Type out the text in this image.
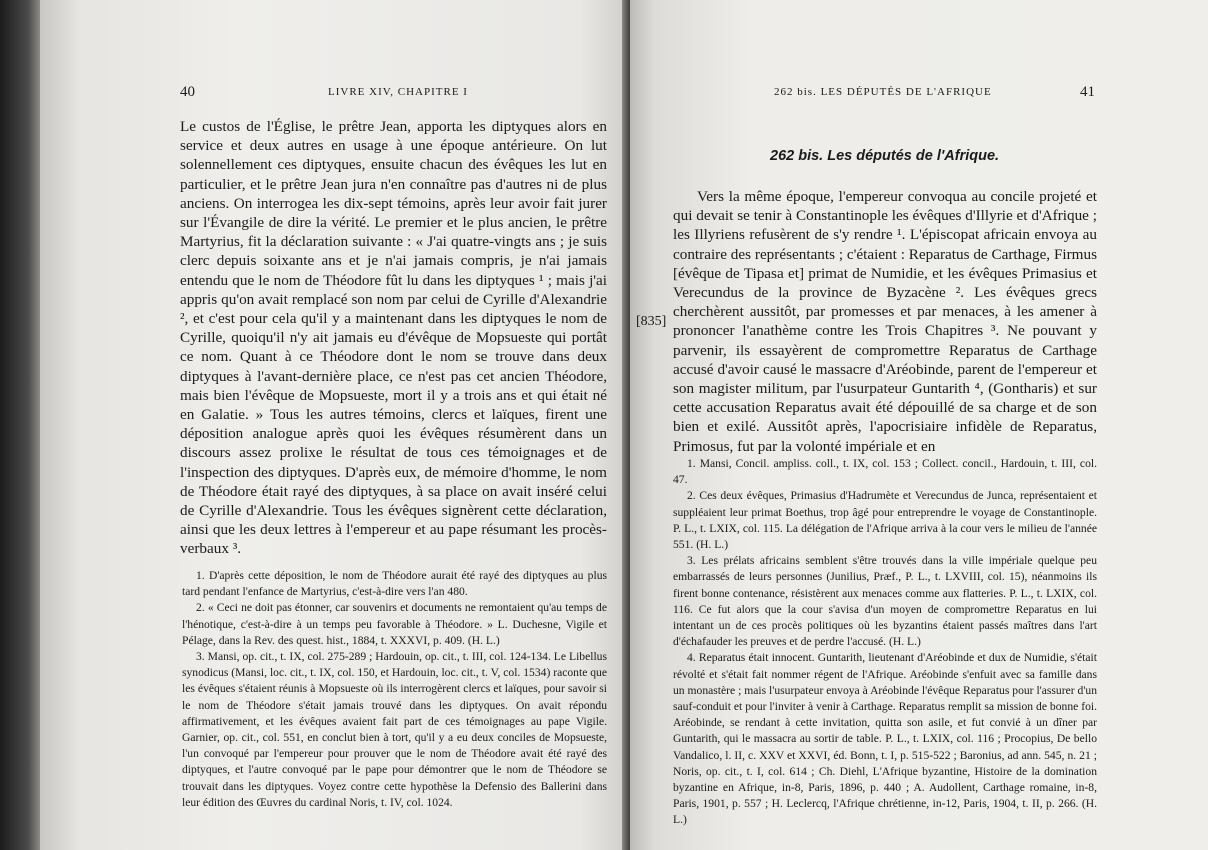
40	LIVRE XIV, CHAPITRE I

Le custos de l'Église, le prêtre Jean, apporta les diptyques alors en service et deux autres en usage à une époque antérieure. On lut solennellement ces diptyques, ensuite chacun des évêques les lut en particulier, et le prêtre Jean jura n'en connaître pas d'autres ni de plus anciens. On interrogea les dix-sept témoins, après leur avoir fait jurer sur l'Évangile de dire la vérité. Le premier et le plus ancien, le prêtre Martyrius, fit la déclaration suivante : « J'ai quatre-vingts ans ; je suis clerc depuis soixante ans et je n'ai jamais compris, je n'ai jamais entendu que le nom de Théodore fût lu dans les diptyques ¹ ; mais j'ai appris qu'on avait remplacé son nom par celui de Cyrille d'Alexandrie ², et c'est pour cela qu'il y a maintenant dans les diptyques le nom de Cyrille, quoiqu'il n'y ait jamais eu d'évêque de Mopsueste qui portât ce nom. Quant à ce Théodore dont le nom se trouve dans deux diptyques à l'avant-dernière place, ce n'est pas cet ancien Théodore, mais bien l'évêque de Mopsueste, mort il y a trois ans et qui était né en Galatie. » Tous les autres témoins, clercs et laïques, firent une déposition analogue après quoi les évêques résumèrent dans un discours assez prolixe le résultat de tous ces témoignages et de l'inspection des diptyques. D'après eux, de mémoire d'homme, le nom de Théodore était rayé des diptyques, à sa place on avait inséré celui de Cyrille d'Alexandrie. Tous les évêques signèrent cette déclaration, ainsi que les deux lettres à l'empereur et au pape résumant les procès-verbaux ³.

1. D'après cette déposition, le nom de Théodore aurait été rayé des diptyques au plus tard pendant l'enfance de Martyrius, c'est-à-dire vers l'an 480.

2. « Ceci ne doit pas étonner, car souvenirs et documents ne remontaient qu'au temps de l'hénotique, c'est-à-dire à un temps peu favorable à Théodore. » L. Duchesne, Vigile et Pélage, dans la Rev. des quest. hist., 1884, t. XXXVI, p. 409. (H. L.)

3. Mansi, op. cit., t. IX, col. 275-289 ; Hardouin, op. cit., t. III, col. 124-134. Le Libellus synodicus (Mansi, loc. cit., t. IX, col. 150, et Hardouin, loc. cit., t. V, col. 1534) raconte que les évêques s'étaient réunis à Mopsueste où ils interrogèrent clercs et laïques, pour savoir si le nom de Théodore s'était jamais trouvé dans les diptyques. On avait répondu affirmativement, et les évêques avaient fait part de ces témoignages au pape Vigile. Garnier, op. cit., col. 551, en conclut bien à tort, qu'il y a eu deux conciles de Mopsueste, l'un convoqué par l'empereur pour prouver que le nom de Théodore avait été rayé des diptyques, et l'autre convoqué par le pape pour démontrer que le nom de Théodore se trouvait dans les diptyques. Voyez contre cette hypothèse la Defensio des Ballerini dans leur édition des Œuvres du cardinal Noris, t. IV, col. 1024.

262 bis. LES DÉPUTÉS DE L'AFRIQUE	41
262 bis. Les députés de l'Afrique.
[835]

Vers la même époque, l'empereur convoqua au concile projeté et qui devait se tenir à Constantinople les évêques d'Illyrie et d'Afrique ; les Illyriens refusèrent de s'y rendre ¹. L'épiscopat africain envoya au contraire des représentants ; c'étaient : Reparatus de Carthage, Firmus [évêque de Tipasa et] primat de Numidie, et les évêques Primasius et Verecundus de la province de Byzacène ². Les évêques grecs cherchèrent aussitôt, par promesses et par menaces, à les amener à prononcer l'anathème contre les Trois Chapitres ³. Ne pouvant y parvenir, ils essayèrent de compromettre Reparatus de Carthage accusé d'avoir causé le massacre d'Aréobinde, parent de l'empereur et son magister militum, par l'usurpateur Guntarith ⁴, (Gontharis) et sur cette accusation Reparatus avait été dépouillé de sa charge et de son bien et exilé. Aussitôt après, l'apocrisiaire infidèle de Reparatus, Primosus, fut par la volonté impériale et en

1. Mansi, Concil. ampliss. coll., t. IX, col. 153 ; Collect. concil., Hardouin, t. III, col. 47.

2. Ces deux évêques, Primasius d'Hadrumète et Verecundus de Junca, représentaient et suppléaient leur primat Boethus, trop âgé pour entreprendre le voyage de Constantinople. P. L., t. LXIX, col. 115. La délégation de l'Afrique arriva à la cour vers le milieu de l'année 551. (H. L.)

3. Les prélats africains semblent s'être trouvés dans la ville impériale quelque peu embarrassés de leurs personnes (Junilius, Præf., P. L., t. LXVIII, col. 15), néanmoins ils firent bonne contenance, résistèrent aux menaces comme aux flatteries. P. L., t. LXIX, col. 116. Ce fut alors que la cour s'avisa d'un moyen de compromettre Reparatus en lui intentant un de ces procès politiques où les byzantins étaient passés maîtres dans l'art d'échafauder les preuves et de perdre l'accusé. (H. L.)

4. Reparatus était innocent. Guntarith, lieutenant d'Aréobinde et dux de Numidie, s'était révolté et s'était fait nommer régent de l'Afrique. Aréobinde s'enfuit avec sa famille dans un monastère ; mais l'usurpateur envoya à Aréobinde l'évêque Reparatus pour l'assurer d'un sauf-conduit et pour l'inviter à venir à Carthage. Reparatus remplit sa mission de bonne foi. Aréobinde, se rendant à cette invitation, quitta son asile, et fut convié à un dîner par Guntarith, qui le massacra au sortir de table. P. L., t. LXIX, col. 116 ; Procopius, De bello Vandalico, l. II, c. XXV et XXVI, éd. Bonn, t. I, p. 515-522 ; Baronius, ad ann. 545, n. 21 ; Noris, op. cit., t. I, col. 614 ; Ch. Diehl, L'Afrique byzantine, Histoire de la domination byzantine en Afrique, in-8, Paris, 1896, p. 440 ; A. Audollent, Carthage romaine, in-8, Paris, 1901, p. 557 ; H. Leclercq, l'Afrique chrétienne, in-12, Paris, 1904, t. II, p. 266. (H. L.)
